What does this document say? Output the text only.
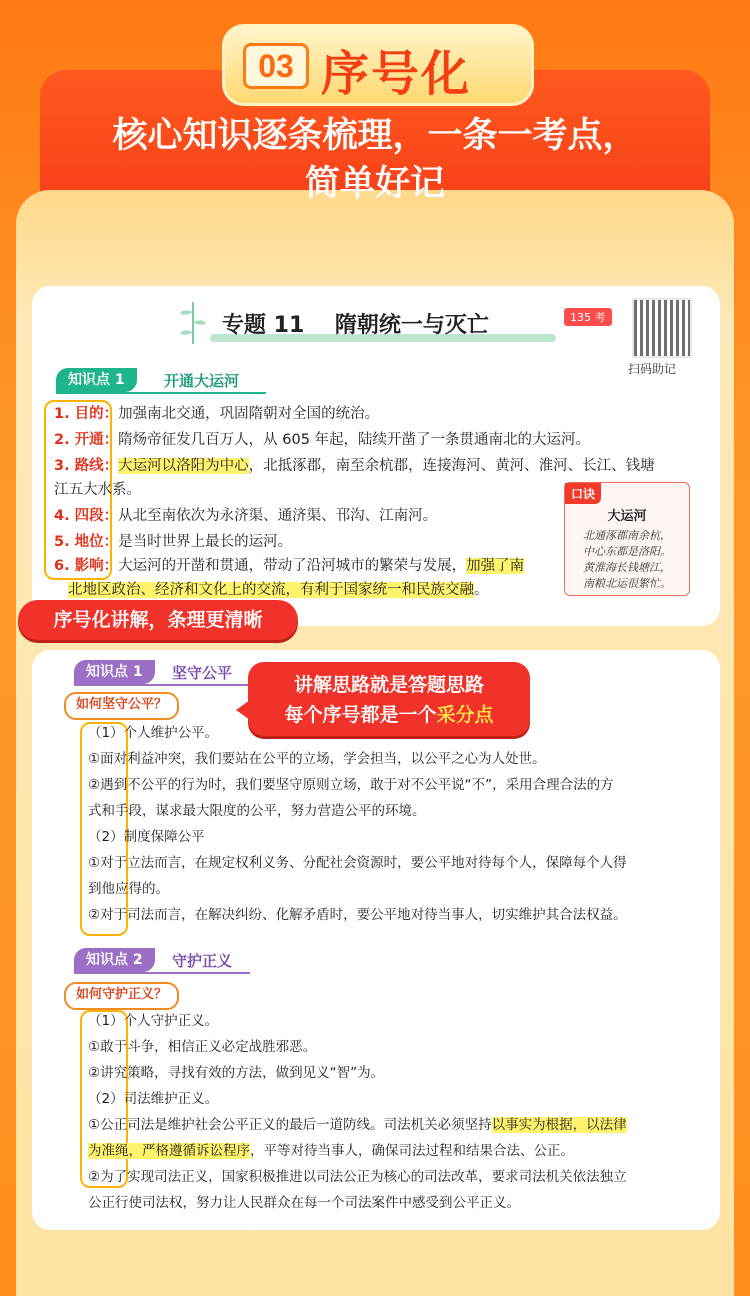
03 序号化
核心知识逐条梳理，一条一考点，
简单好记
专题 11    隋朝统一与灭亡	135 考
扫码助记
知识点 1	开通大运河
1. 目的：加强南北交通，巩固隋朝对全国的统治。
2. 开通：隋炀帝征发几百万人，从 605 年起，陆续开凿了一条贯通南北的大运河。
3. 路线：大运河以洛阳为中心，北抵涿郡，南至余杭郡，连接海河、黄河、淮河、长江、钱塘
江五大水系。
4. 四段：从北至南依次为永济渠、通济渠、邗沟、江南河。
5. 地位：是当时世界上最长的运河。
6. 影响：大运河的开凿和贯通，带动了沿河城市的繁荣与发展，加强了南
北地区政治、经济和文化上的交流，有利于国家统一和民族交融。
口诀
大运河
北通涿郡南余杭，
中心东都是洛阳。
黄淮海长钱塘江，
南粮北运很繁忙。
序号化讲解，条理更清晰
知识点 1	坚守公平
如何坚守公平？
（1）个人维护公平。
①面对利益冲突，我们要站在公平的立场，学会担当，以公平之心为人处世。
②遇到不公平的行为时，我们要坚守原则立场，敢于对不公平说“不”，采用合理合法的方
式和手段，谋求最大限度的公平，努力营造公平的环境。
（2）制度保障公平
①对于立法而言，在规定权利义务、分配社会资源时，要公平地对待每个人，保障每个人得
到他应得的。
②对于司法而言，在解决纠纷、化解矛盾时，要公平地对待当事人，切实维护其合法权益。
知识点 2	守护正义
如何守护正义？
（1）个人守护正义。
①敢于斗争，相信正义必定战胜邪恶。
②讲究策略，寻找有效的方法，做到见义“智”为。
（2）司法维护正义。
①公正司法是维护社会公平正义的最后一道防线。司法机关必须坚持以事实为根据，以法律
为准绳，严格遵循诉讼程序，平等对待当事人，确保司法过程和结果合法、公正。
②为了实现司法正义，国家积极推进以司法公正为核心的司法改革，要求司法机关依法独立
公正行使司法权，努力让人民群众在每一个司法案件中感受到公平正义。
讲解思路就是答题思路
每个序号都是一个采分点
